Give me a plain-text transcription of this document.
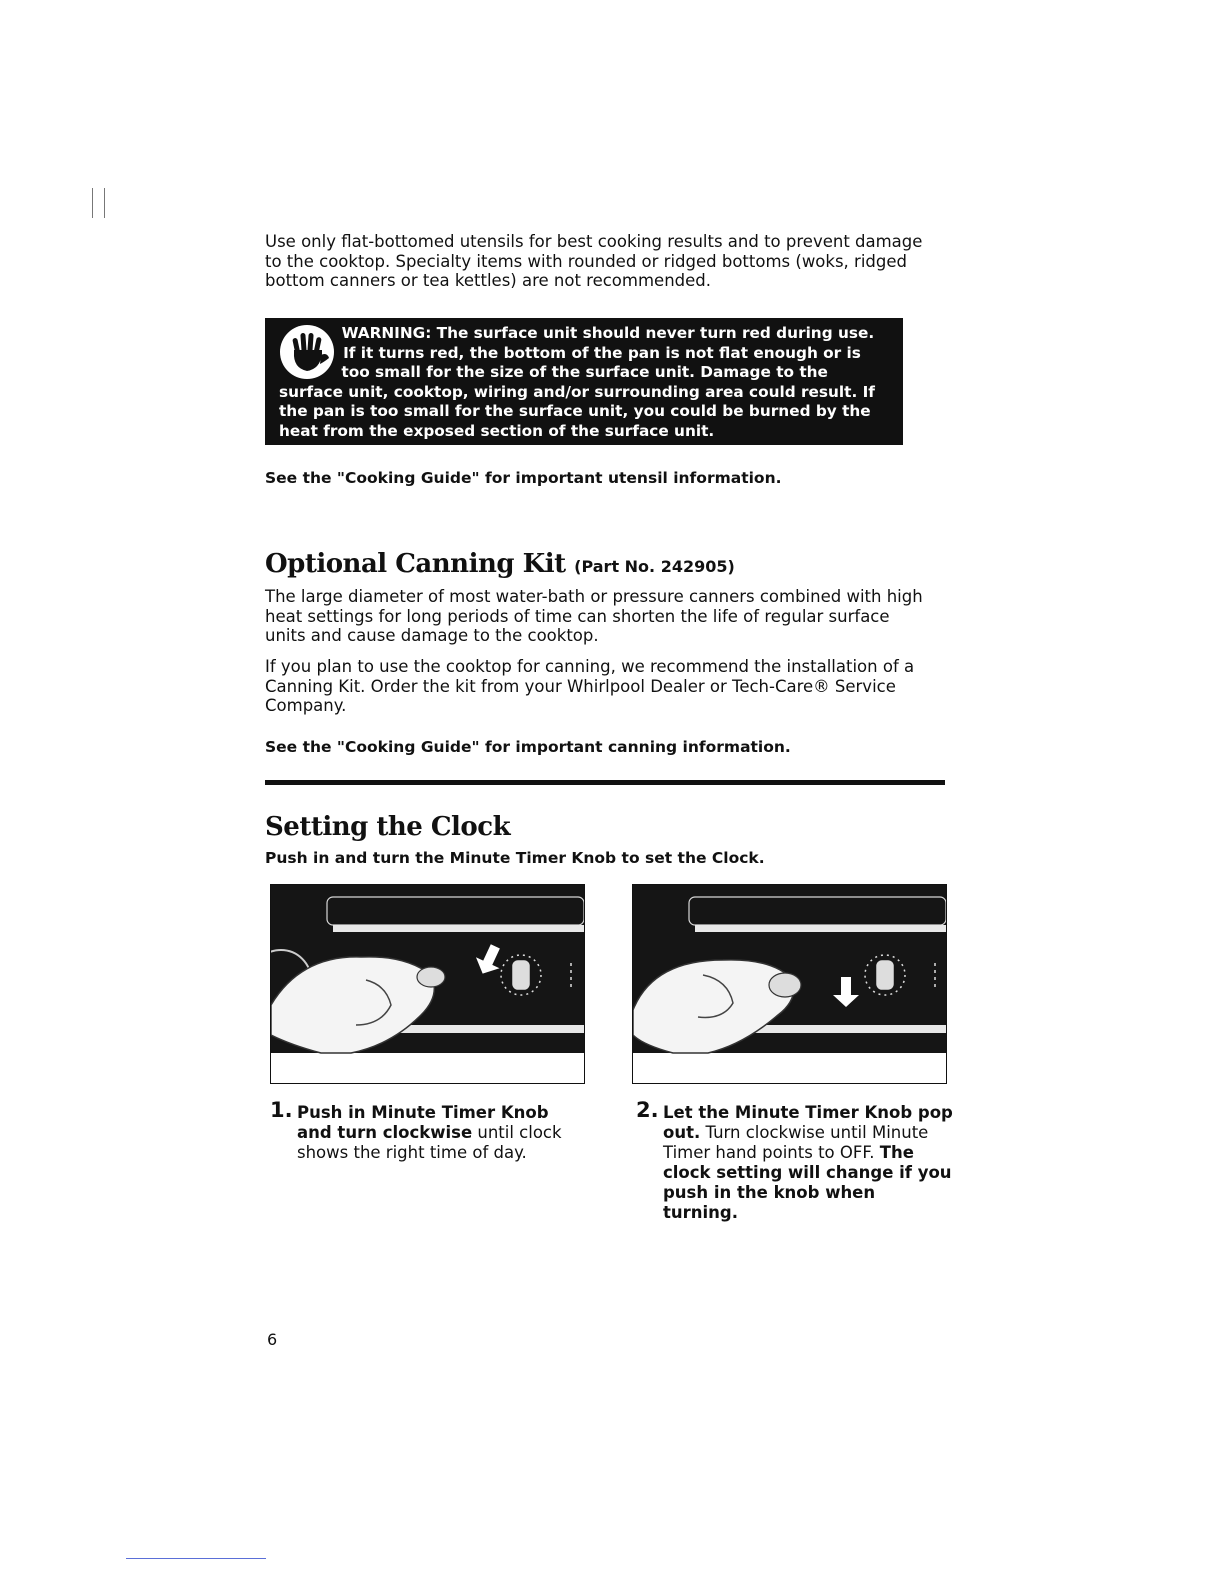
Use only flat-bottomed utensils for best cooking results and to prevent damage to the cooktop. Specialty items with rounded or ridged bottoms (woks, ridged bottom canners or tea kettles) are not recommended.

WARNING: The surface unit should never turn red during use. If it turns red, the bottom of the pan is not flat enough or is too small for the size of the surface unit. Damage to the surface unit, cooktop, wiring and/or surrounding area could result. If the pan is too small for the surface unit, you could be burned by the heat from the exposed section of the surface unit.

See the "Cooking Guide" for important utensil information.

Optional Canning Kit (Part No. 242905)

The large diameter of most water-bath or pressure canners combined with high heat settings for long periods of time can shorten the life of regular surface units and cause damage to the cooktop.

If you plan to use the cooktop for canning, we recommend the installation of a Canning Kit. Order the kit from your Whirlpool Dealer or Tech-Care® Service Company.

See the "Cooking Guide" for important canning information.

Setting the Clock

Push in and turn the Minute Timer Knob to set the Clock.

1. Push in Minute Timer Knob and turn clockwise until clock shows the right time of day.
2. Let the Minute Timer Knob pop out. Turn clockwise until Minute Timer hand points to OFF. The clock setting will change if you push in the knob when turning.
6
